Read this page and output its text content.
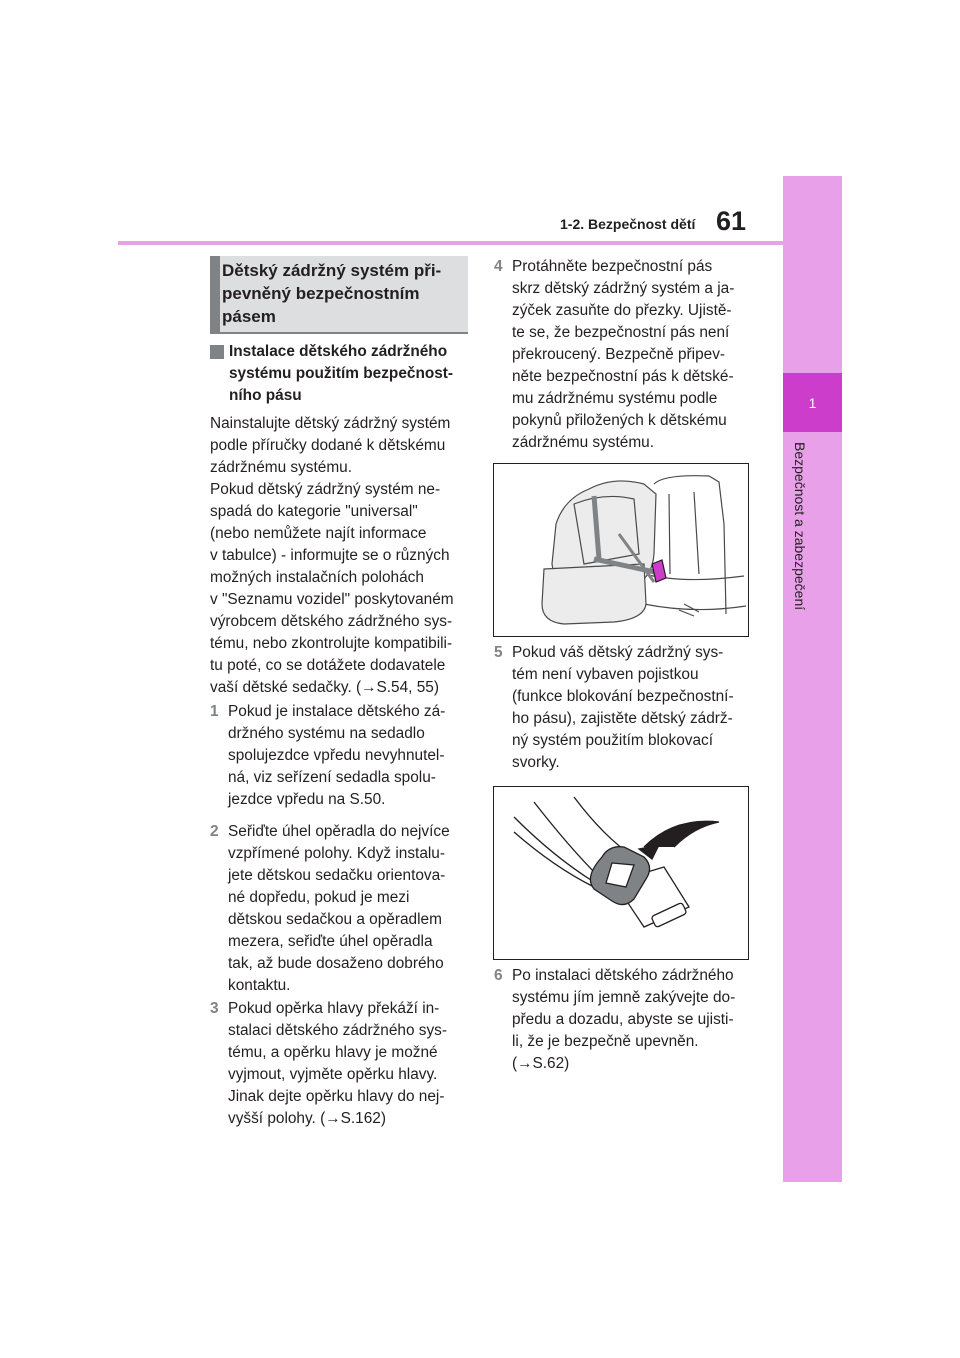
1-2. Bezpečnost dětí 61
1
Bezpečnost a zabezpečení
Dětský zádržný systém při-
pevněný bezpečnostním
pásem
Instalace dětského zádržného
systému použitím bezpečnost-
ního pásu
Nainstalujte dětský zádržný systém
podle příručky dodané k dětskému
zádržnému systému.
Pokud dětský zádržný systém ne-
spadá do kategorie "universal"
(nebo nemůžete najít informace
v tabulce) - informujte se o různých
možných instalačních polohách
v "Seznamu vozidel" poskytovaném
výrobcem dětského zádržného sys-
tému, nebo zkontrolujte kompatibili-
tu poté, co se dotážete dodavatele
vaší dětské sedačky. (→S.54, 55)
1 Pokud je instalace dětského zá-
držného systému na sedadlo
spolujezdce vpředu nevyhnutel-
ná, viz seřízení sedadla spolu-
jezdce vpředu na S.50.
2 Seřiďte úhel opěradla do nejvíce
vzpřímené polohy. Když instalu-
jete dětskou sedačku orientova-
né dopředu, pokud je mezi
dětskou sedačkou a opěradlem
mezera, seřiďte úhel opěradla
tak, až bude dosaženo dobrého
kontaktu.
3 Pokud opěrka hlavy překáží in-
stalaci dětského zádržného sys-
tému, a opěrku hlavy je možné
vyjmout, vyjměte opěrku hlavy.
Jinak dejte opěrku hlavy do nej-
vyšší polohy. (→S.162)
4 Protáhněte bezpečnostní pás
skrz dětský zádržný systém a ja-
zýček zasuňte do přezky. Ujistě-
te se, že bezpečnostní pás není
překroucený. Bezpečně připev-
něte bezpečnostní pás k dětské-
mu zádržnému systému podle
pokynů přiložených k dětskému
zádržnému systému.
5 Pokud váš dětský zádržný sys-
tém není vybaven pojistkou
(funkce blokování bezpečnostní-
ho pásu), zajistěte dětský zádrž-
ný systém použitím blokovací
svorky.
6 Po instalaci dětského zádržného
systému jím jemně zakývejte do-
předu a dozadu, abyste se ujisti-
li, že je bezpečně upevněn.
(→S.62)
